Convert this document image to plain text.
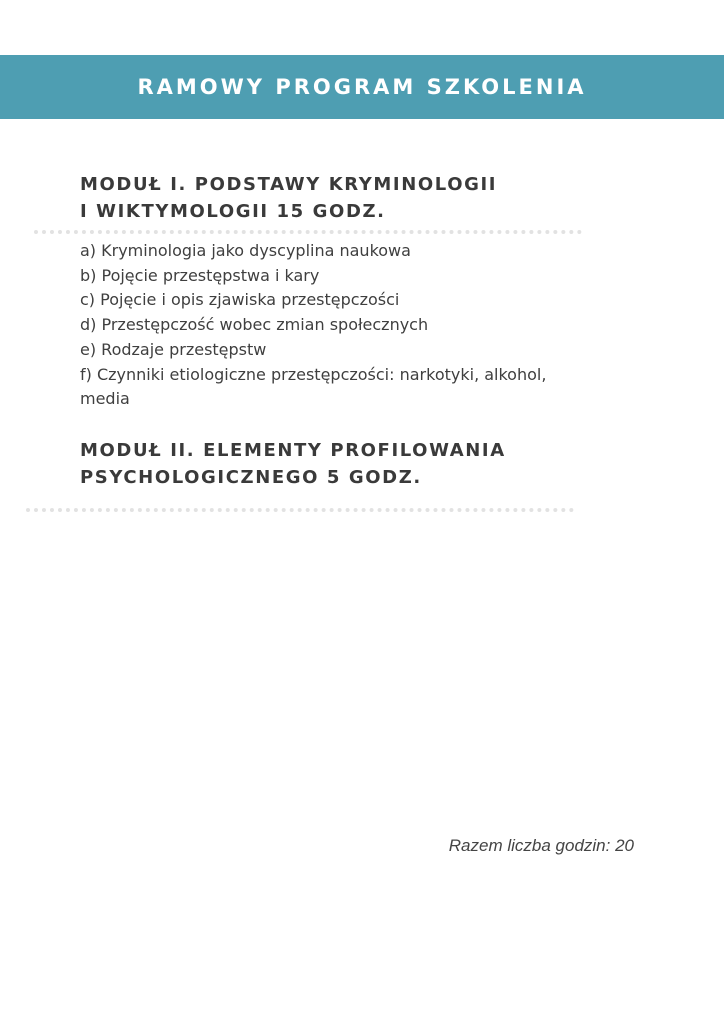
RAMOWY PROGRAM SZKOLENIA
MODUŁ I. PODSTAWY KRYMINOLOGII
I WIKTYMOLOGII 15 GODZ.
a) Kryminologia jako dyscyplina naukowa
b) Pojęcie przestępstwa i kary
c) Pojęcie i opis zjawiska przestępczości
d) Przestępczość wobec zmian społecznych
e) Rodzaje przestępstw
f) Czynniki etiologiczne przestępczości: narkotyki, alkohol, media
MODUŁ II. ELEMENTY PROFILOWANIA
PSYCHOLOGICZNEGO 5 GODZ.
Razem liczba godzin: 20
